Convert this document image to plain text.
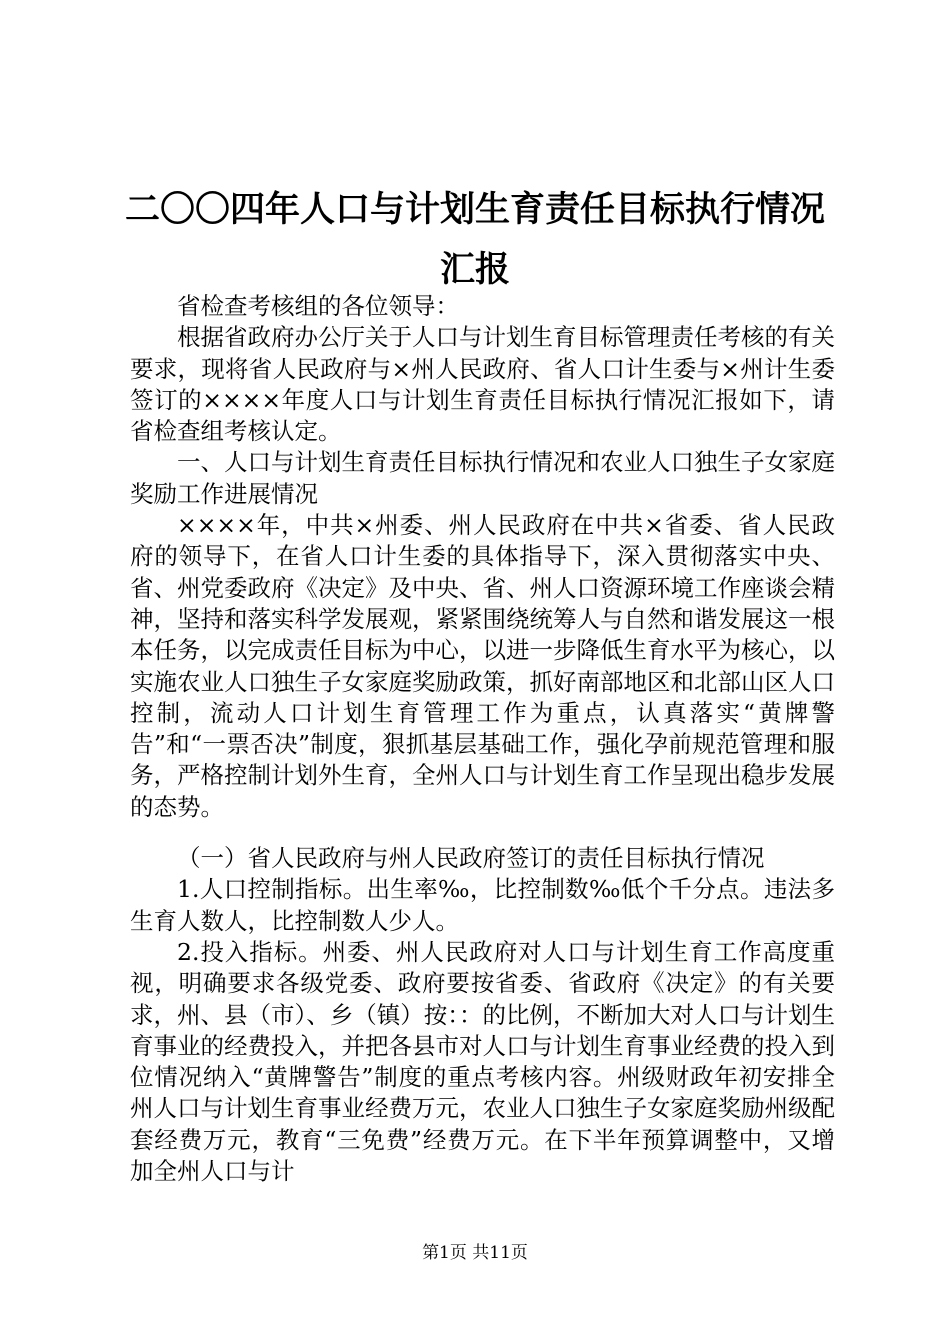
二〇〇四年人口与计划生育责任目标执行情况
汇报

省检查考核组的各位领导：

根据省政府办公厅关于人口与计划生育目标管理责任考核的有关要求，现将省人民政府与×州人民政府、省人口计生委与×州计生委签订的××××年度人口与计划生育责任目标执行情况汇报如下，请省检查组考核认定。

一、人口与计划生育责任目标执行情况和农业人口独生子女家庭奖励工作进展情况

××××年，中共×州委、州人民政府在中共×省委、省人民政府的领导下，在省人口计生委的具体指导下，深入贯彻落实中央、省、州党委政府《决定》及中央、省、州人口资源环境工作座谈会精神，坚持和落实科学发展观，紧紧围绕统筹人与自然和谐发展这一根本任务，以完成责任目标为中心，以进一步降低生育水平为核心，以实施农业人口独生子女家庭奖励政策，抓好南部地区和北部山区人口控制，流动人口计划生育管理工作为重点，认真落实“黄牌警告”和“一票否决”制度，狠抓基层基础工作，强化孕前规范管理和服务，严格控制计划外生育，全州人口与计划生育工作呈现出稳步发展的态势。

（一）省人民政府与州人民政府签订的责任目标执行情况

1.人口控制指标。出生率‰，比控制数‰低个千分点。违法多生育人数人，比控制数人少人。

2.投入指标。州委、州人民政府对人口与计划生育工作高度重视，明确要求各级党委、政府要按省委、省政府《决定》的有关要求，州、县（市）、乡（镇）按：：的比例，不断加大对人口与计划生育事业的经费投入，并把各县市对人口与计划生育事业经费的投入到位情况纳入“黄牌警告”制度的重点考核内容。州级财政年初安排全州人口与计划生育事业经费万元，农业人口独生子女家庭奖励州级配套经费万元，教育“三免费”经费万元。在下半年预算调整中，又增加全州人口与计

第1页 共11页
